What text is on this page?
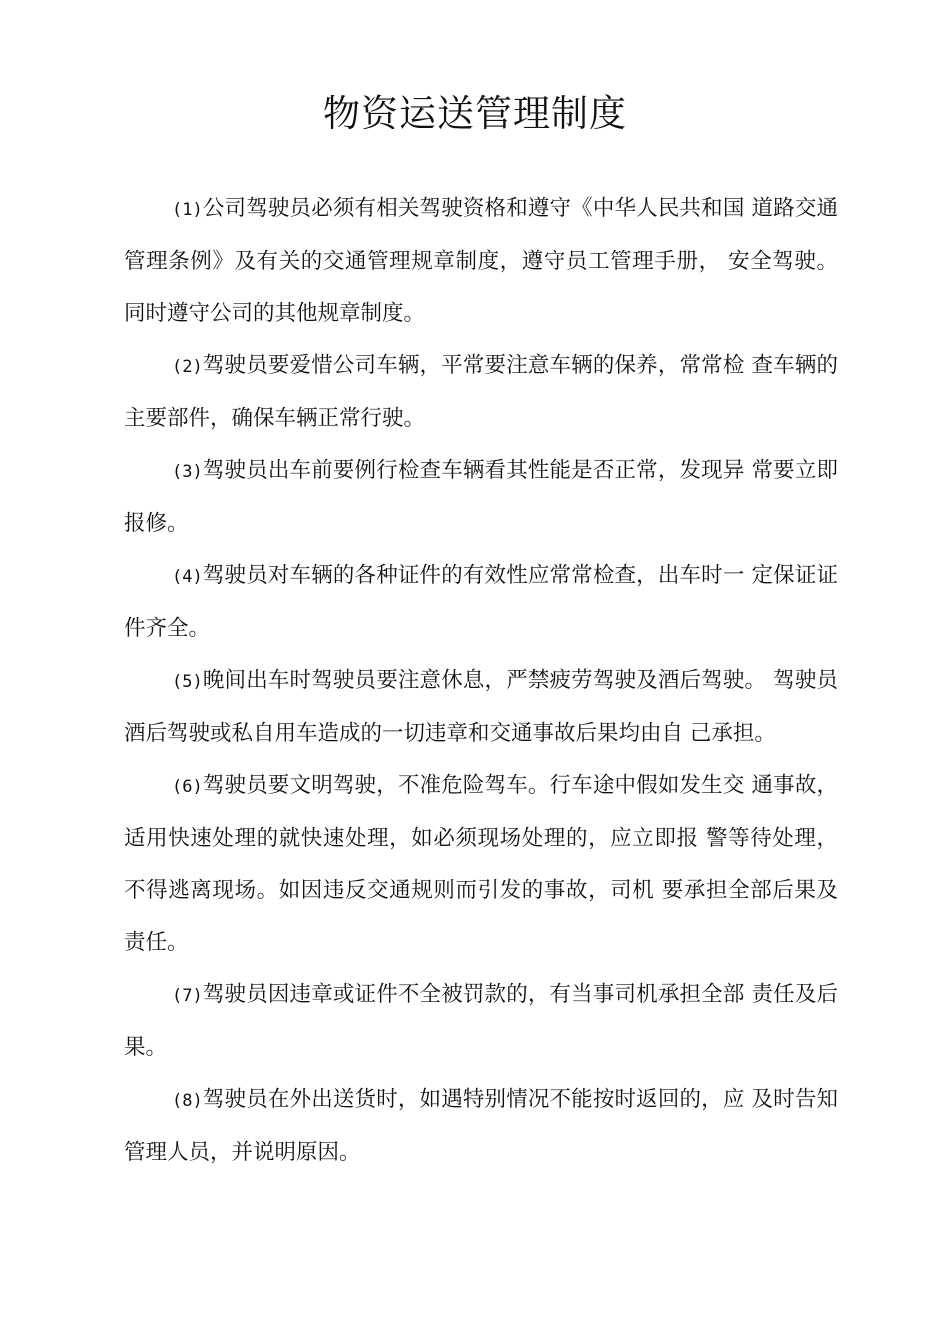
物资运送管理制度

(1)公司驾驶员必须有相关驾驶资格和遵守《中华人民共和国 道路交通管理条例》及有关的交通管理规章制度，遵守员工管理手册， 安全驾驶。同时遵守公司的其他规章制度。

(2)驾驶员要爱惜公司车辆，平常要注意车辆的保养，常常检 查车辆的主要部件，确保车辆正常行驶。

(3)驾驶员出车前要例行检查车辆看其性能是否正常，发现异 常要立即报修。

(4)驾驶员对车辆的各种证件的有效性应常常检查，出车时一 定保证证件齐全。

(5)晚间出车时驾驶员要注意休息，严禁疲劳驾驶及酒后驾驶。 驾驶员酒后驾驶或私自用车造成的一切违章和交通事故后果均由自 己承担。

(6)驾驶员要文明驾驶，不准危险驾车。行车途中假如发生交 通事故，适用快速处理的就快速处理，如必须现场处理的，应立即报 警等待处理，不得逃离现场。如因违反交通规则而引发的事故，司机 要承担全部后果及责任。

(7)驾驶员因违章或证件不全被罚款的，有当事司机承担全部 责任及后果。

(8)驾驶员在外出送货时，如遇特别情况不能按时返回的，应 及时告知管理人员，并说明原因。
